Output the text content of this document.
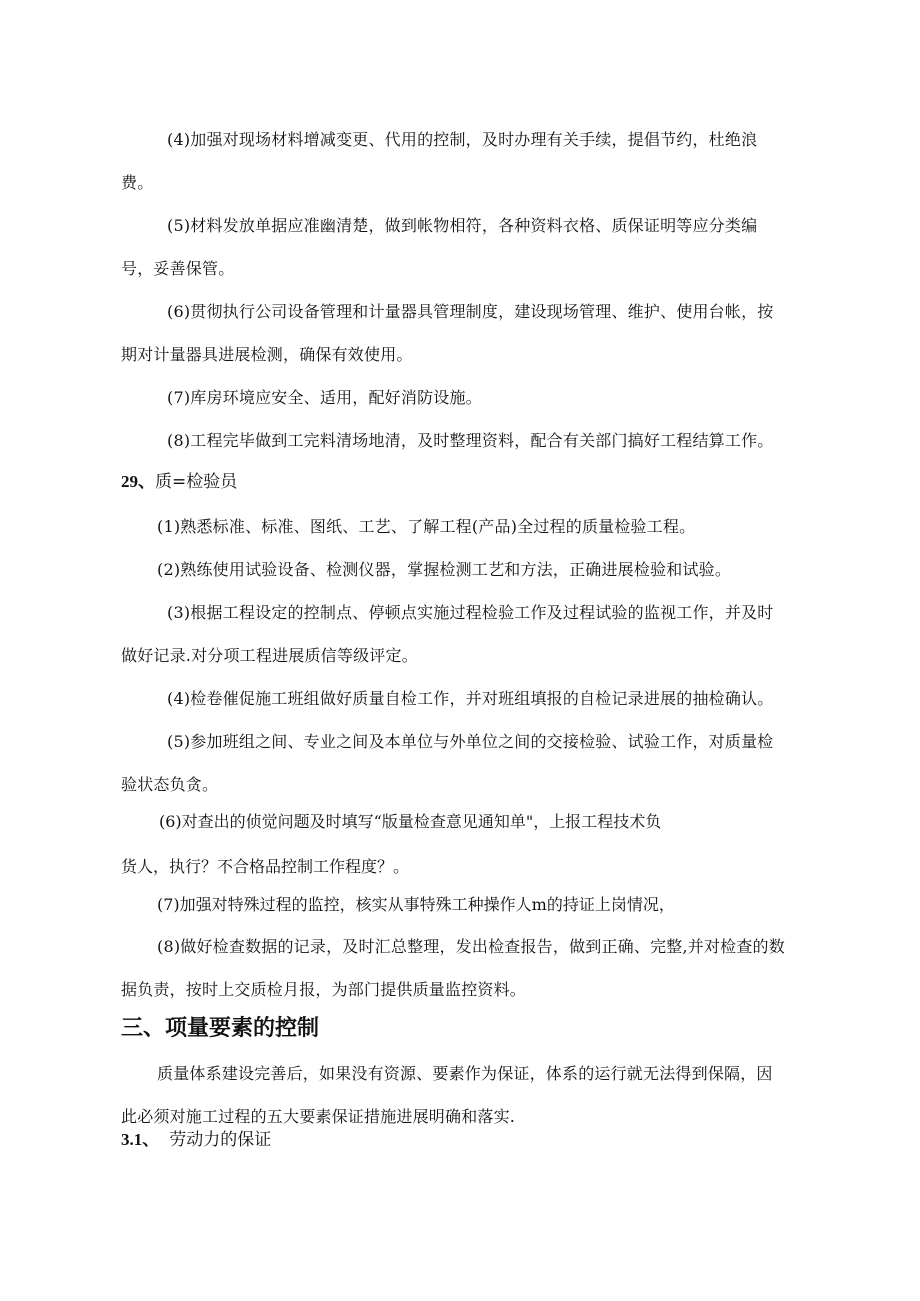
(4)加强对现场材料增减变更、代用的控制，及时办理有关手续，提倡节约，杜绝浪费。

(5)材料发放单据应准幽清楚，做到帐物相符，各种资料衣格、质保证明等应分类编号，妥善保管。

(6)贯彻执行公司设备管理和计量器具管理制度，建设现场管理、维护、使用台帐，按期对计量器具进展检测，确保有效使用。

(7)库房环境应安全、适用，配好消防设施。

(8)工程完毕做到工完料清场地清，及时整理资料，配合有关部门搞好工程结算工作。

29、质=检验员

(1)熟悉标准、标准、图纸、工艺、了解工程(产品)全过程的质量检验工程。

(2)熟练使用试验设备、检测仪器，掌握检测工艺和方法，正确进展检验和试验。

(3)根据工程设定的控制点、停顿点实施过程检验工作及过程试验的监视工作，并及时做好记录.对分项工程进展质信等级评定。

(4)检卷催促施工班组做好质量自检工作，并对班组填报的自检记录进展的抽检确认。

(5)参加班组之间、专业之间及本单位与外单位之间的交接检验、试验工作，对质量检验状态负贪。

(6)对查出的侦觉问题及时填写“版量检查意见通知单"，上报工程技术负

货人，执行？不合格品控制工作程度？。

(7)加强对特殊过程的监控，核实从事特殊工种操作人m的持证上岗情况，

(8)做好检查数据的记录，及时汇总整理，发出检查报告，做到正确、完整,并对检查的数据负责，按时上交质检月报，为部门提供质量监控资料。

三、项量要素的控制

质量体系建设完善后，如果没有资源、要素作为保证，体系的运行就无法得到保隔，因此必须对施工过程的五大要素保证措施进展明确和落实.

3.1、 劳动力的保证
